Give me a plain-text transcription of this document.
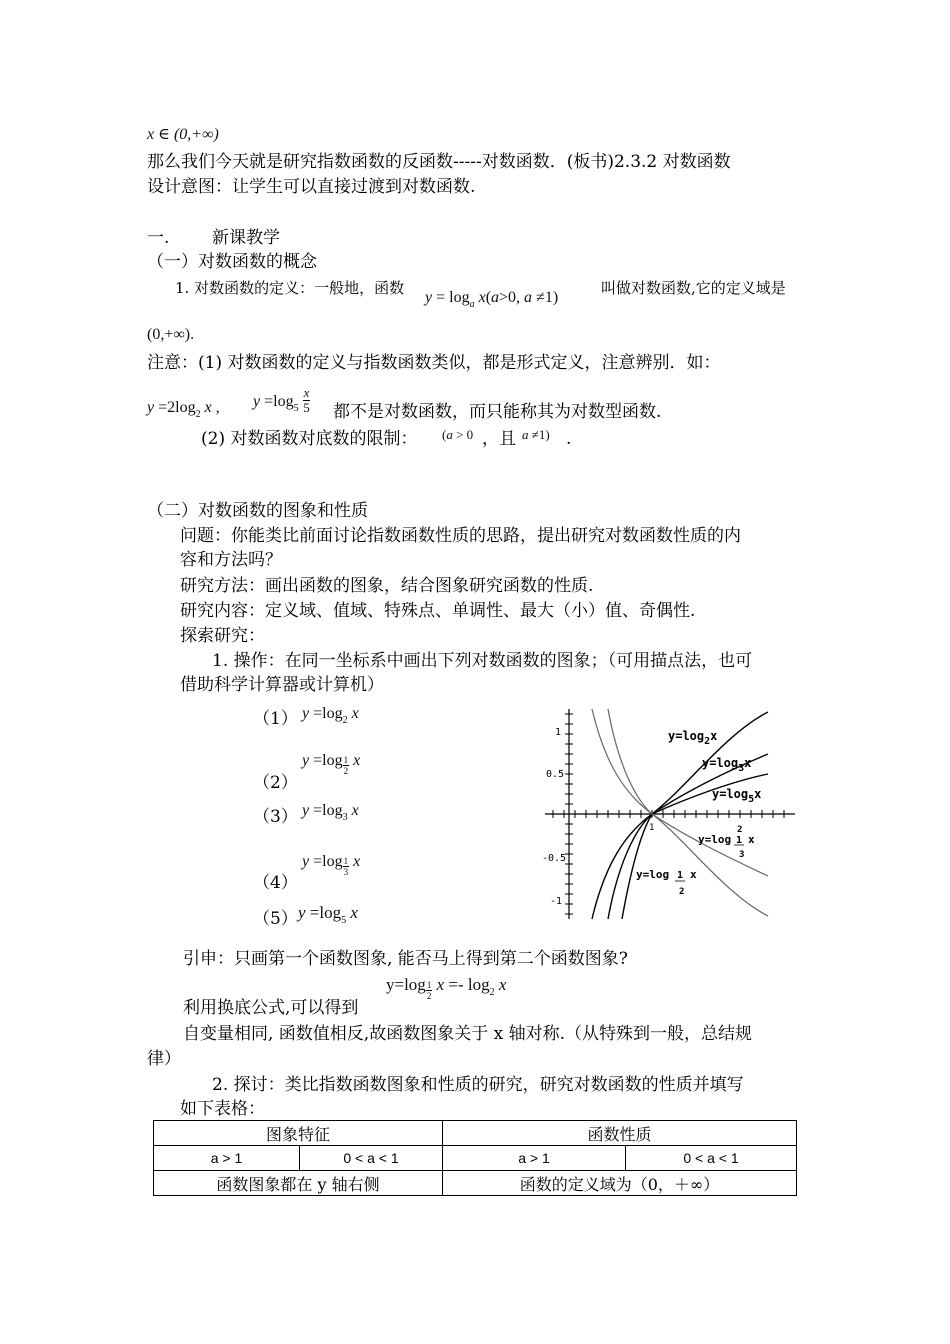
x ∈ (0,+∞)
那么我们今天就是研究指数函数的反函数-----对数函数．(板书)2.3.2 对数函数
设计意图：让学生可以直接过渡到对数函数.
一.	新课教学
（一）对数函数的概念
1. 对数函数的定义：一般地，函数
$y = \log_a x(a>0$, a ≠1)
叫做对数函数,它的定义域是
(0,+∞).
注意：(1) 对数函数的定义与指数函数类似，都是形式定义，注意辨别．如：
$y =2\log_2$ x , $y =\log_5 \frac{x}{5}$ 都不是对数函数，而只能称其为对数型函数.
(2) 对数函数对底数的限制： (a > 0 ，且 a ≠1) .
（二）对数函数的图象和性质
问题：你能类比前面讨论指数函数性质的思路，提出研究对数函数性质的内
容和方法吗？
研究方法：画出函数的图象，结合图象研究函数的性质.
研究内容：定义域、值域、特殊点、单调性、最大（小）值、奇偶性.
探索研究：
1. 操作：在同一坐标系中画出下列对数函数的图象；（可用描点法，也可
借助科学计算器或计算机）
（1） $y =\log_2$ x
$y =\log \frac{1}{2}$ x
（2）
（3） $y =\log_3$ x
$y =\log \frac{1}{3}$ x
（4）
（5） $y =\log_5$ x
1
0.5
-0.5
-1
1
$y=\log_2x$
$y=\log_3x$
$y=\log_5x$
y=log
2
1
3
x
y=log 1
2
x
引申：只画第一个函数图象, 能否马上得到第二个函数图象?
$y=\log \frac{1}{2}$ $x =- \log_2 x$
利用换底公式,可以得到
自变量相同, 函数值相反,故函数图象关于 x 轴对称.（从特殊到一般，总结规
律）
2. 探讨：类比指数函数图象和性质的研究，研究对数函数的性质并填写
如下表格：
图象特征		函数性质	
a > 1	0 < a < 1	a > 1	0 < a < 1
函数图象都在 y 轴右侧		函数的定义域为（0，＋∞）	
